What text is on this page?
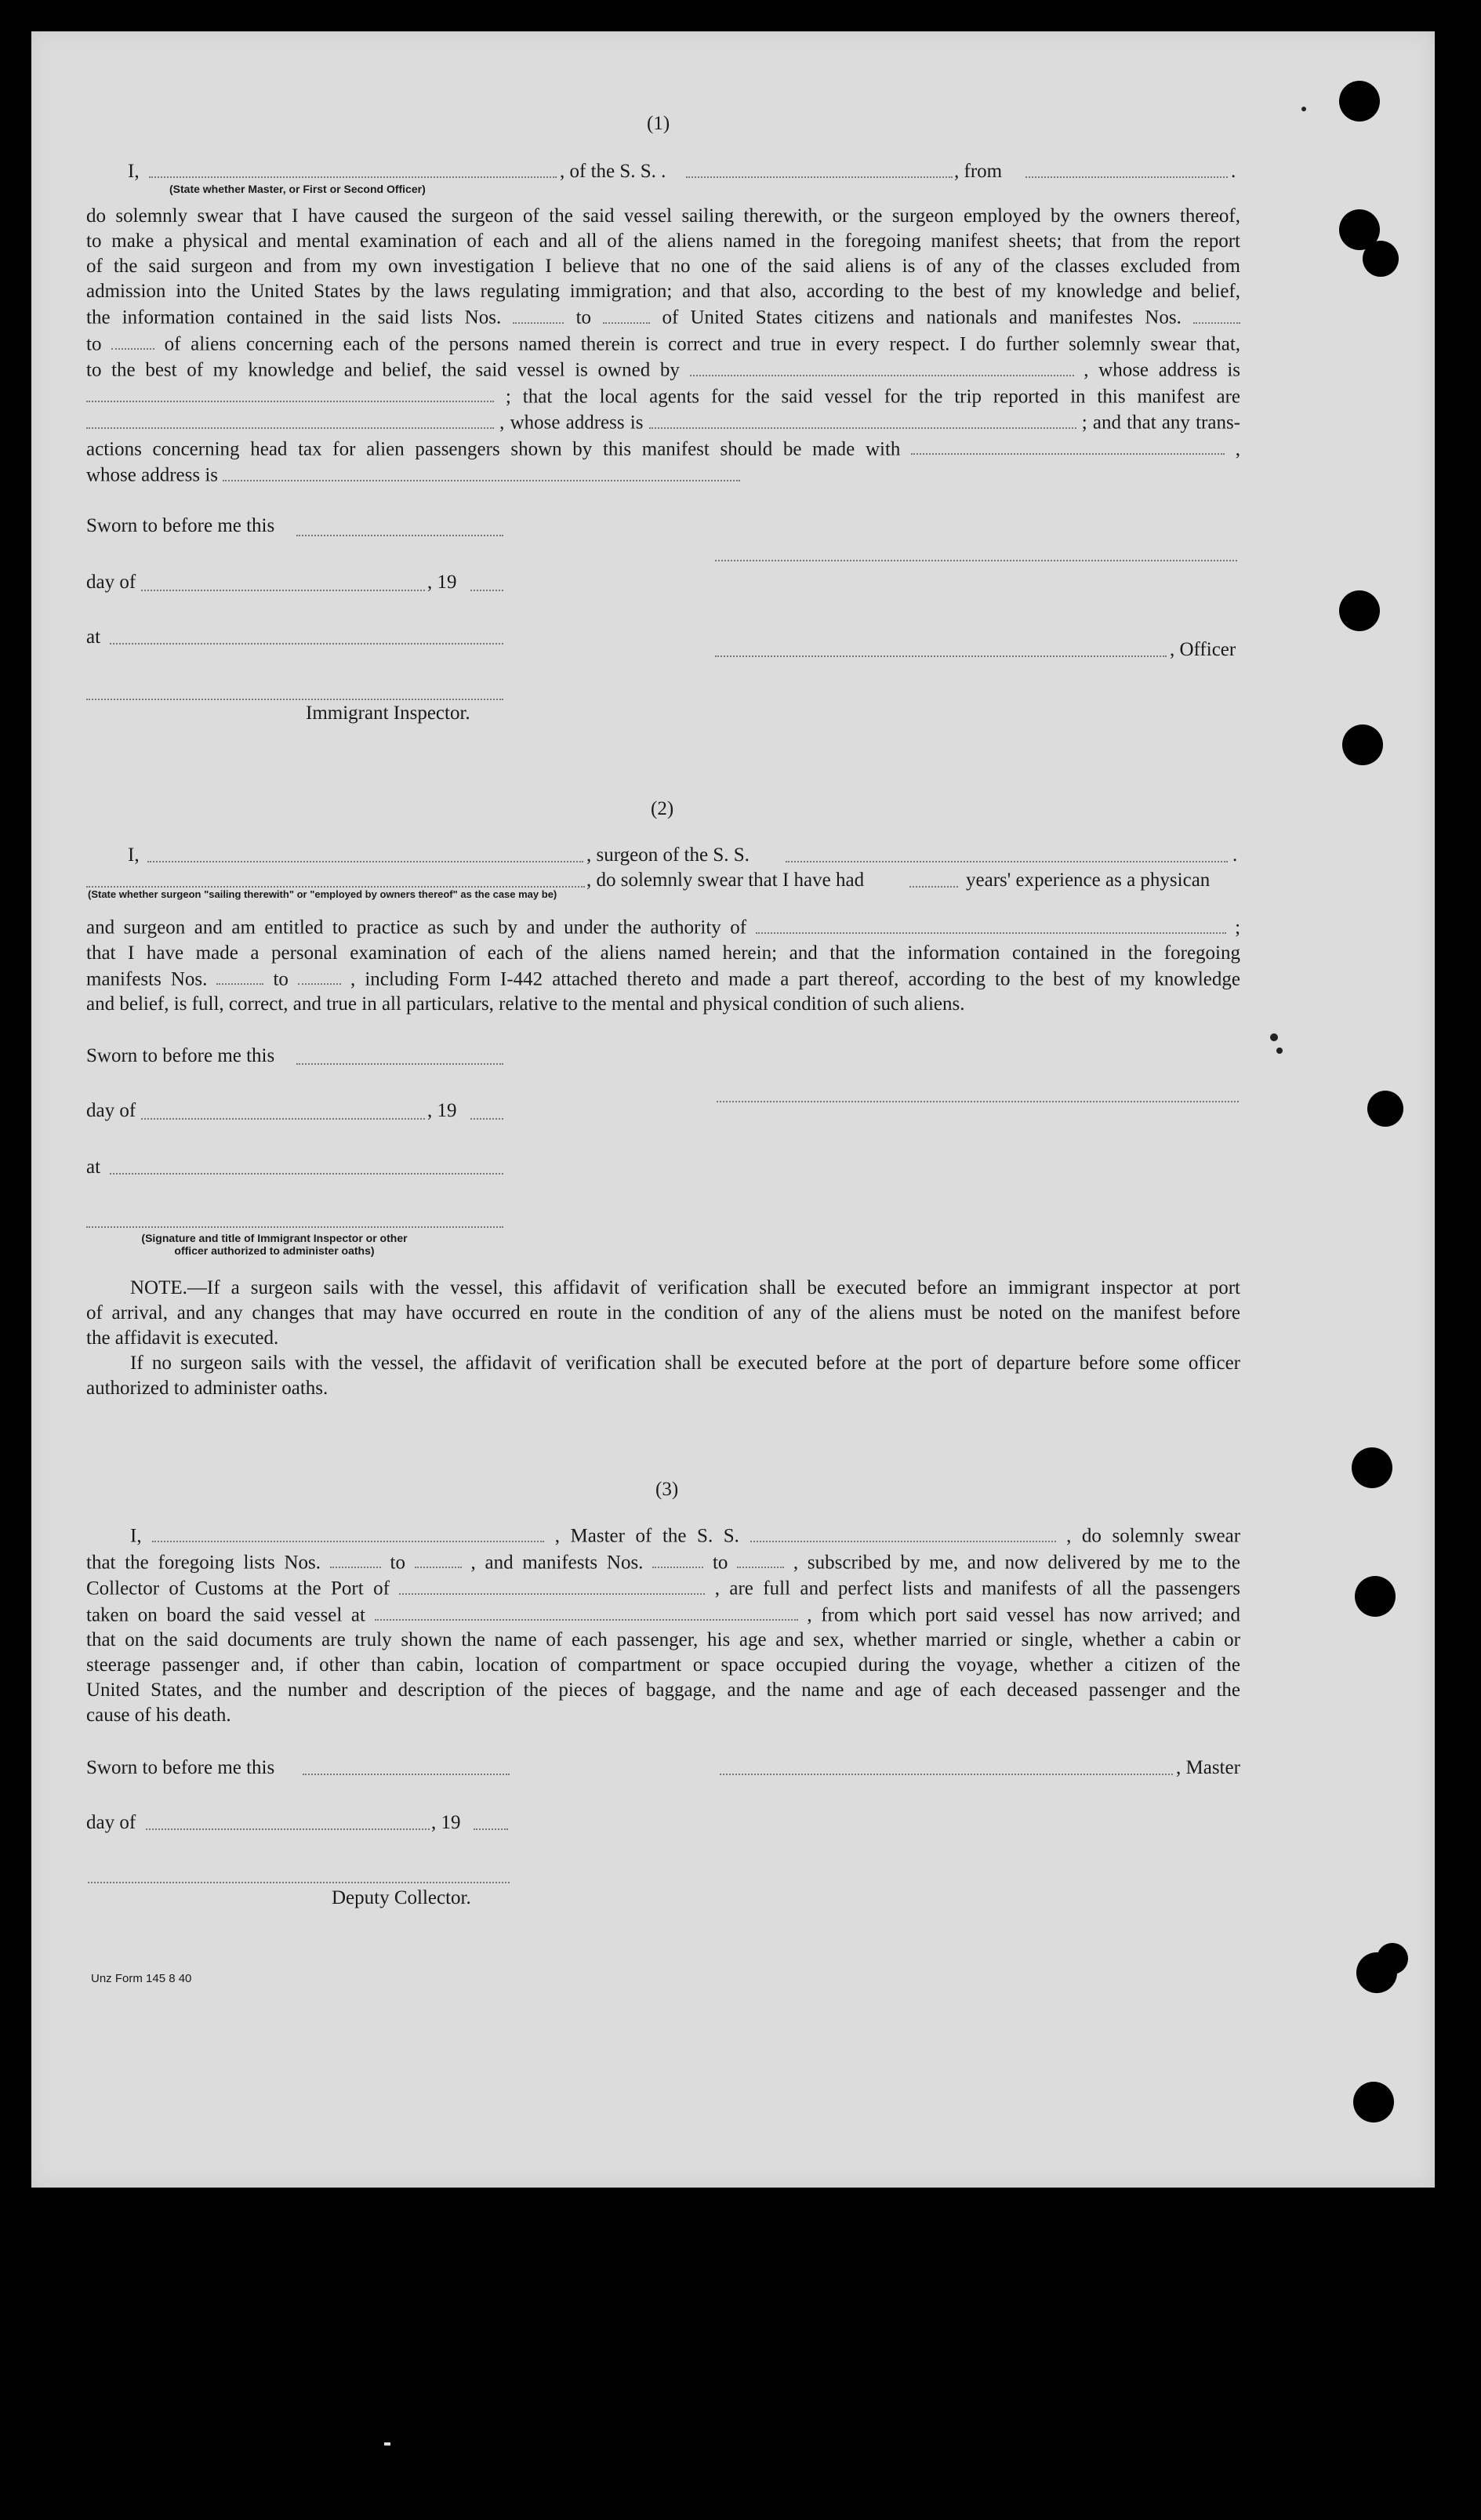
(1)
I,	, of the S. S. .	, from	.
(State whether Master, or First or Second Officer)
do solemnly swear that I have caused the surgeon of the said vessel sailing therewith, or the surgeon employed by the owners thereof,
to make a physical and mental examination of each and all of the aliens named in the foregoing manifest sheets; that from the report
of the said surgeon and from my own investigation I believe that no one of the said aliens is of any of the classes excluded from
admission into the United States by the laws regulating immigration; and that also, according to the best of my knowledge and belief,
the information contained in the said lists Nos.	to	of United States citizens and nationals and manifestes Nos.
to	of aliens concerning each of the persons named therein is correct and true in every respect. I do further solemnly swear that,
to the best of my knowledge and belief, the said vessel is owned by	, whose address is
; that the local agents for the said vessel for the trip reported in this manifest are
, whose address is	; and that any trans-
actions concerning head tax for alien passengers shown by this manifest should be made with	,
whose address is
Sworn to before me this
day of	, 19
at
, Officer
Immigrant Inspector.
(2)
I,	, surgeon of the S. S.	.
, do solemnly swear that I have had	years' experience as a physican
(State whether surgeon "sailing therewith" or "employed by owners thereof" as the case may be)
and surgeon and am entitled to practice as such by and under the authority of	;
that I have made a personal examination of each of the aliens named herein; and that the information contained in the foregoing
manifests Nos.	to	, including Form I-442 attached thereto and made a part thereof, according to the best of my knowledge
and belief, is full, correct, and true in all particulars, relative to the mental and physical condition of such aliens.
Sworn to before me this
day of	, 19
at
(Signature and title of Immigrant Inspector or other
officer authorized to administer oaths)
NOTE.—If a surgeon sails with the vessel, this affidavit of verification shall be executed before an immigrant inspector at port
of arrival, and any changes that may have occurred en route in the condition of any of the aliens must be noted on the manifest before
the affidavit is executed.
If no surgeon sails with the vessel, the affidavit of verification shall be executed before at the port of departure before some officer
authorized to administer oaths.
(3)
I,	, Master of the S. S.	, do solemnly swear
that the foregoing lists Nos.	to	, and manifests Nos.	to	, subscribed by me, and now delivered by me to the
Collector of Customs at the Port of	, are full and perfect lists and manifests of all the passengers
taken on board the said vessel at	, from which port said vessel has now arrived; and
that on the said documents are truly shown the name of each passenger, his age and sex, whether married or single, whether a cabin or
steerage passenger and, if other than cabin, location of compartment or space occupied during the voyage, whether a citizen of the
United States, and the number and description of the pieces of baggage, and the name and age of each deceased passenger and the
cause of his death.
Sworn to before me this	, Master
day of	, 19
Deputy Collector.
Unz Form 145 8 40
